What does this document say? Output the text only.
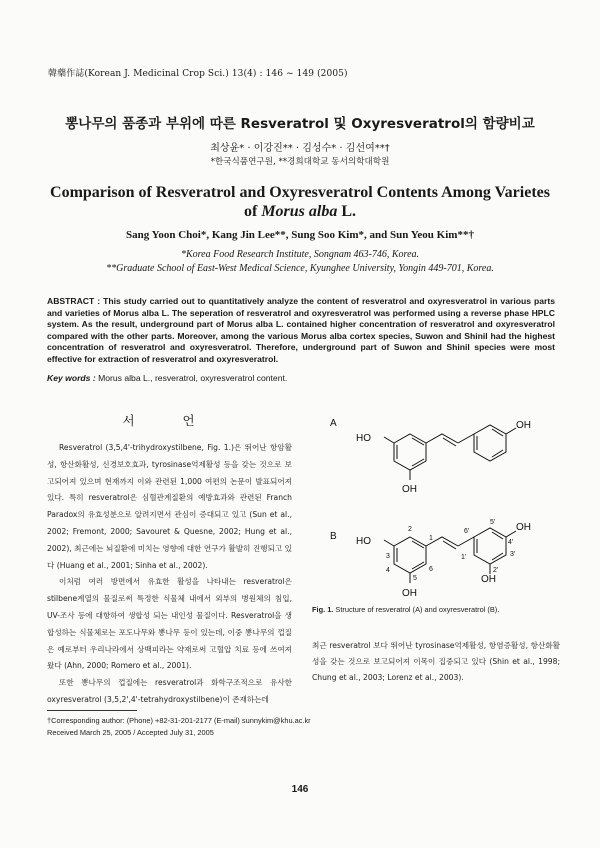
韓藥作誌(Korean J. Medicinal Crop Sci.) 13(4) : 146 ~ 149 (2005)
뽕나무의 품종과 부위에 따른 Resveratrol 및 Oxyresveratrol의 함량비교
최상윤* · 이강진** · 김성수* · 김선여**†
*한국식품연구원, **경희대학교 동서의학대학원
Comparison of Resveratrol and Oxyresveratrol Contents Among Varietes
of Morus alba L.
Sang Yoon Choi*, Kang Jin Lee**, Sung Soo Kim*, and Sun Yeou Kim**†
*Korea Food Research Institute, Songnam 463-746, Korea.
**Graduate School of East-West Medical Science, Kyunghee University, Yongin 449-701, Korea.
ABSTRACT : This study carried out to quantitatively analyze the content of resveratrol and oxyresveratrol in various parts and varieties of Morus alba L. The seperation of resveratrol and oxyresveratrol was performed using a reverse phase HPLC system. As the result, underground part of Morus alba L. contained higher concentration of resveratrol and oxyresveratrol compared with the other parts. Moreover, among the various Morus alba cortex species, Suwon and Shinil had the highest concentration of resveratrol and oxyresveratrol. Therefore, underground part of Suwon and Shinil species were most effective for extraction of resveratrol and oxyresveratrol.
Key words : Morus alba L., resveratrol, oxyresveratrol content.
서 언

Resveratrol (3,5,4'-trihydroxystilbene, Fig. 1.)은 뛰어난 항암활성, 항산화활성, 신경보호효과, tyrosinase억제활성 등을 갖는 것으로 보고되어져 있으며 현재까지 이와 관련된 1,000 여편의 논문이 발표되어져 있다. 특히 resveratrol은 심혈관계질환의 예방효과와 관련된 Franch Paradox의 유효성분으로 알려지면서 관심이 증대되고 있고 (Sun et al., 2002; Fremont, 2000; Savouret & Quesne, 2002; Hung et al., 2002), 최근에는 뇌질환에 미치는 영향에 대한 연구가 활발히 진행되고 있다 (Huang et al., 2001; Sinha et al., 2002).

이처럼 여러 방면에서 유효한 활성을 나타내는 resveratrol은 stilbene계열의 물질로써 특정한 식물체 내에서 외부의 병원체의 침입, UV-조사 등에 대항하여 생합성 되는 내인성 물질이다. Resveratrol을 생합성하는 식물체로는 포도나무와 뽕나무 등이 있는데, 이중 뽕나무의 껍질은 예로부터 우리나라에서 상백피라는 약재로써 고혈압 치료 등에 쓰여져 왔다 (Ahn, 2000; Romero et al., 2001).

또한 뽕나무의 껍질에는 resveratrol과 화학구조적으로 유사한 oxyresveratrol (3,5,2',4'-tetrahydroxystilbene)이 존재하는데

A	OH
HO
OH
B
OH
HO
OH
OH
1
2
3
4
5
6
1'
2'
3'
4'
5'
6'
Fig. 1. Structure of resveratrol (A) and oxyresveratrol (B).
최근 resveratrol 보다 뛰어난 tyrosinase억제활성, 항염증활성, 항산화활성을 갖는 것으로 보고되어져 이목이 집중되고 있다 (Shin et al., 1998; Chung et al., 2003; Lorenz et al., 2003).
†Corresponding author: (Phone) +82-31-201-2177 (E-mail) sunnykim@khu.ac.kr
Received March 25, 2005 / Accepted July 31, 2005
146
